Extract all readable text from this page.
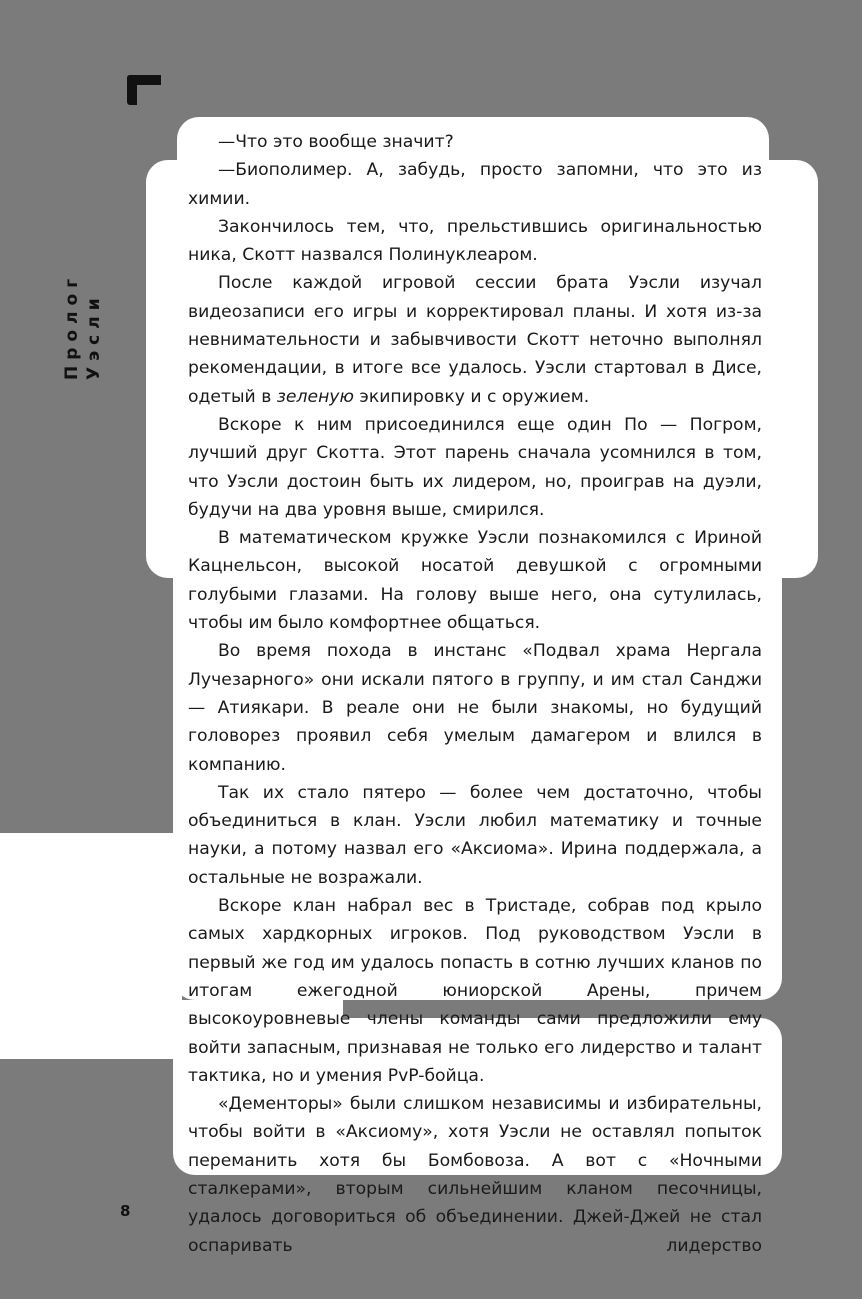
Пролог Уэсли

—Что это вообще значит?

—Биополимер. А, забудь, просто запомни, что это из химии.

Закончилось тем, что, прельстившись оригинальностью ника, Скотт назвался Полинуклеаром.

После каждой игровой сессии брата Уэсли изучал видеозаписи его игры и корректировал планы. И хотя из-за невнимательности и забывчивости Скотт неточно выполнял рекомендации, в итоге все удалось. Уэсли стартовал в Дисе, одетый в зеленую экипировку и с оружием.

Вскоре к ним присоединился еще один По — Погром, лучший друг Скотта. Этот парень сначала усомнился в том, что Уэсли достоин быть их лидером, но, проиграв на дуэли, будучи на два уровня выше, смирился.

В математическом кружке Уэсли познакомился с Ириной Кацнельсон, высокой носатой девушкой с огромными голубыми глазами. На голову выше него, она сутулилась, чтобы им было комфортнее общаться.

Во время похода в инстанс «Подвал храма Нергала Лучезарного» они искали пятого в группу, и им стал Санджи — Атиякари. В реале они не были знакомы, но будущий головорез проявил себя умелым дамагером и влился в компанию.

Так их стало пятеро — более чем достаточно, чтобы объединиться в клан. Уэсли любил математику и точные науки, а потому назвал его «Аксиома». Ирина поддержала, а остальные не возражали.

Вскоре клан набрал вес в Тристаде, собрав под крыло самых хардкорных игроков. Под руководством Уэсли в первый же год им удалось попасть в сотню лучших кланов по итогам ежегодной юниорской Арены, причем высокоуровневые члены команды сами предложили ему войти запасным, признавая не только его лидерство и талант тактика, но и умения PvP-бойца.

«Дементоры» были слишком независимы и избирательны, чтобы войти в «Аксиому», хотя Уэсли не оставлял попыток переманить хотя бы Бомбовоза. А вот с «Ночными сталкерами», вторым сильнейшим кланом песочницы, удалось договориться об объединении. Джей-Джей не стал оспаривать лидерство

8
